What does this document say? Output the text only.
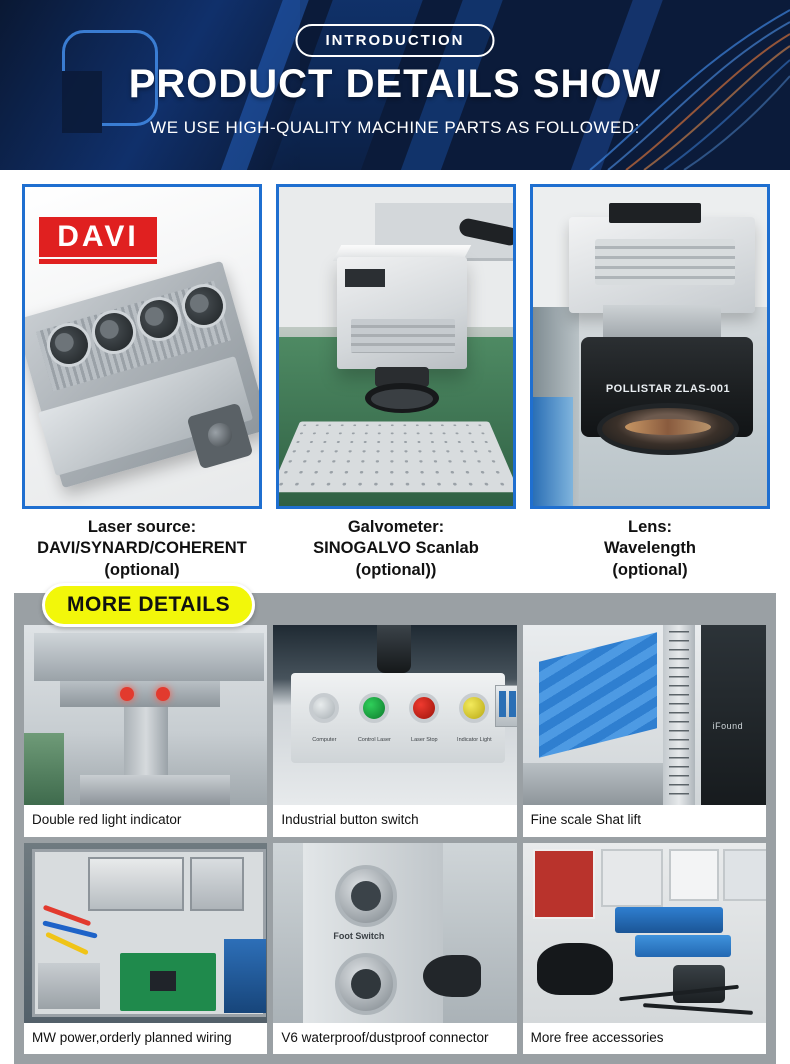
INTRODUCTION
PRODUCT DETAILS SHOW
WE USE HIGH-QUALITY MACHINE PARTS AS FOLLOWED:
DAVI
Laser source:
DAVI/SYNARD/COHERENT
(optional)
Galvometer:
SINOGALVO Scanlab
(optional))
POLLISTAR ZLAS-001
Lens:
Wavelength
(optional)
MORE DETAILS
Double red light indicator
Computer	Control Laser	Laser Stop	Indicator Light
Industrial button switch
iFound
Fine scale Shat lift
MW power,orderly planned wiring
Foot Switch
V6 waterproof/dustproof connector	More free accessories
